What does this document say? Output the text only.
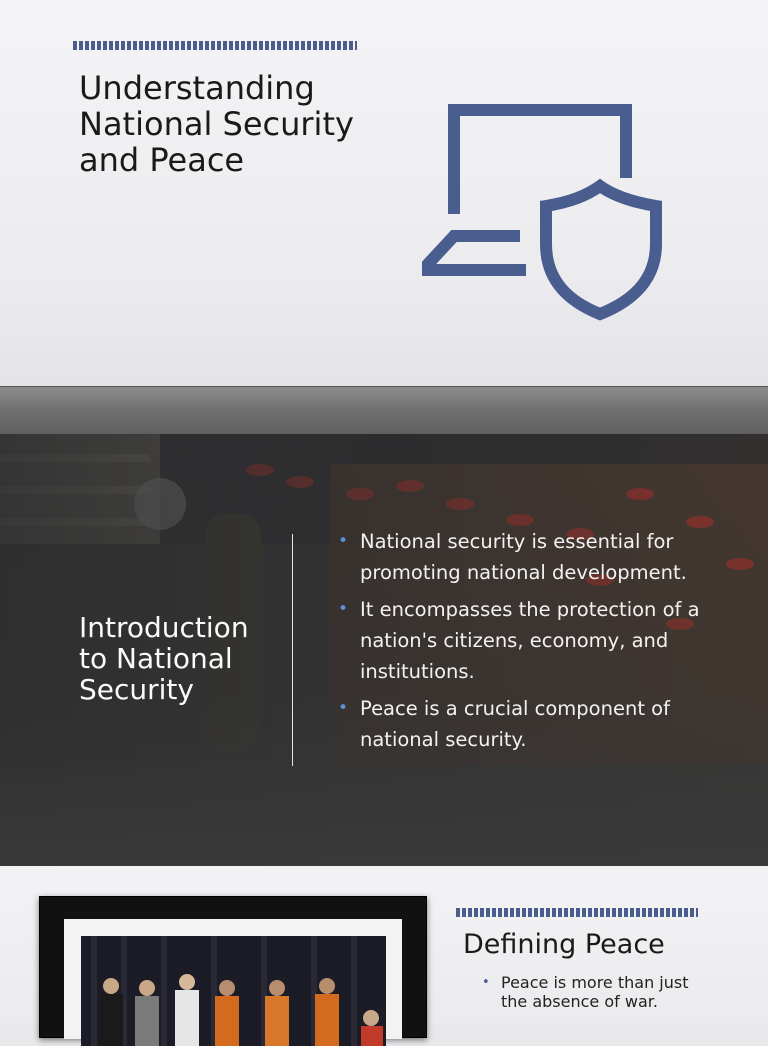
Understanding National Security and Peace
Introduction to National Security
• National security is essential for promoting national development.
• It encompasses the protection of a nation's citizens, economy, and institutions.
• Peace is a crucial component of national security.
Defining Peace
• Peace is more than just the absence of war.
